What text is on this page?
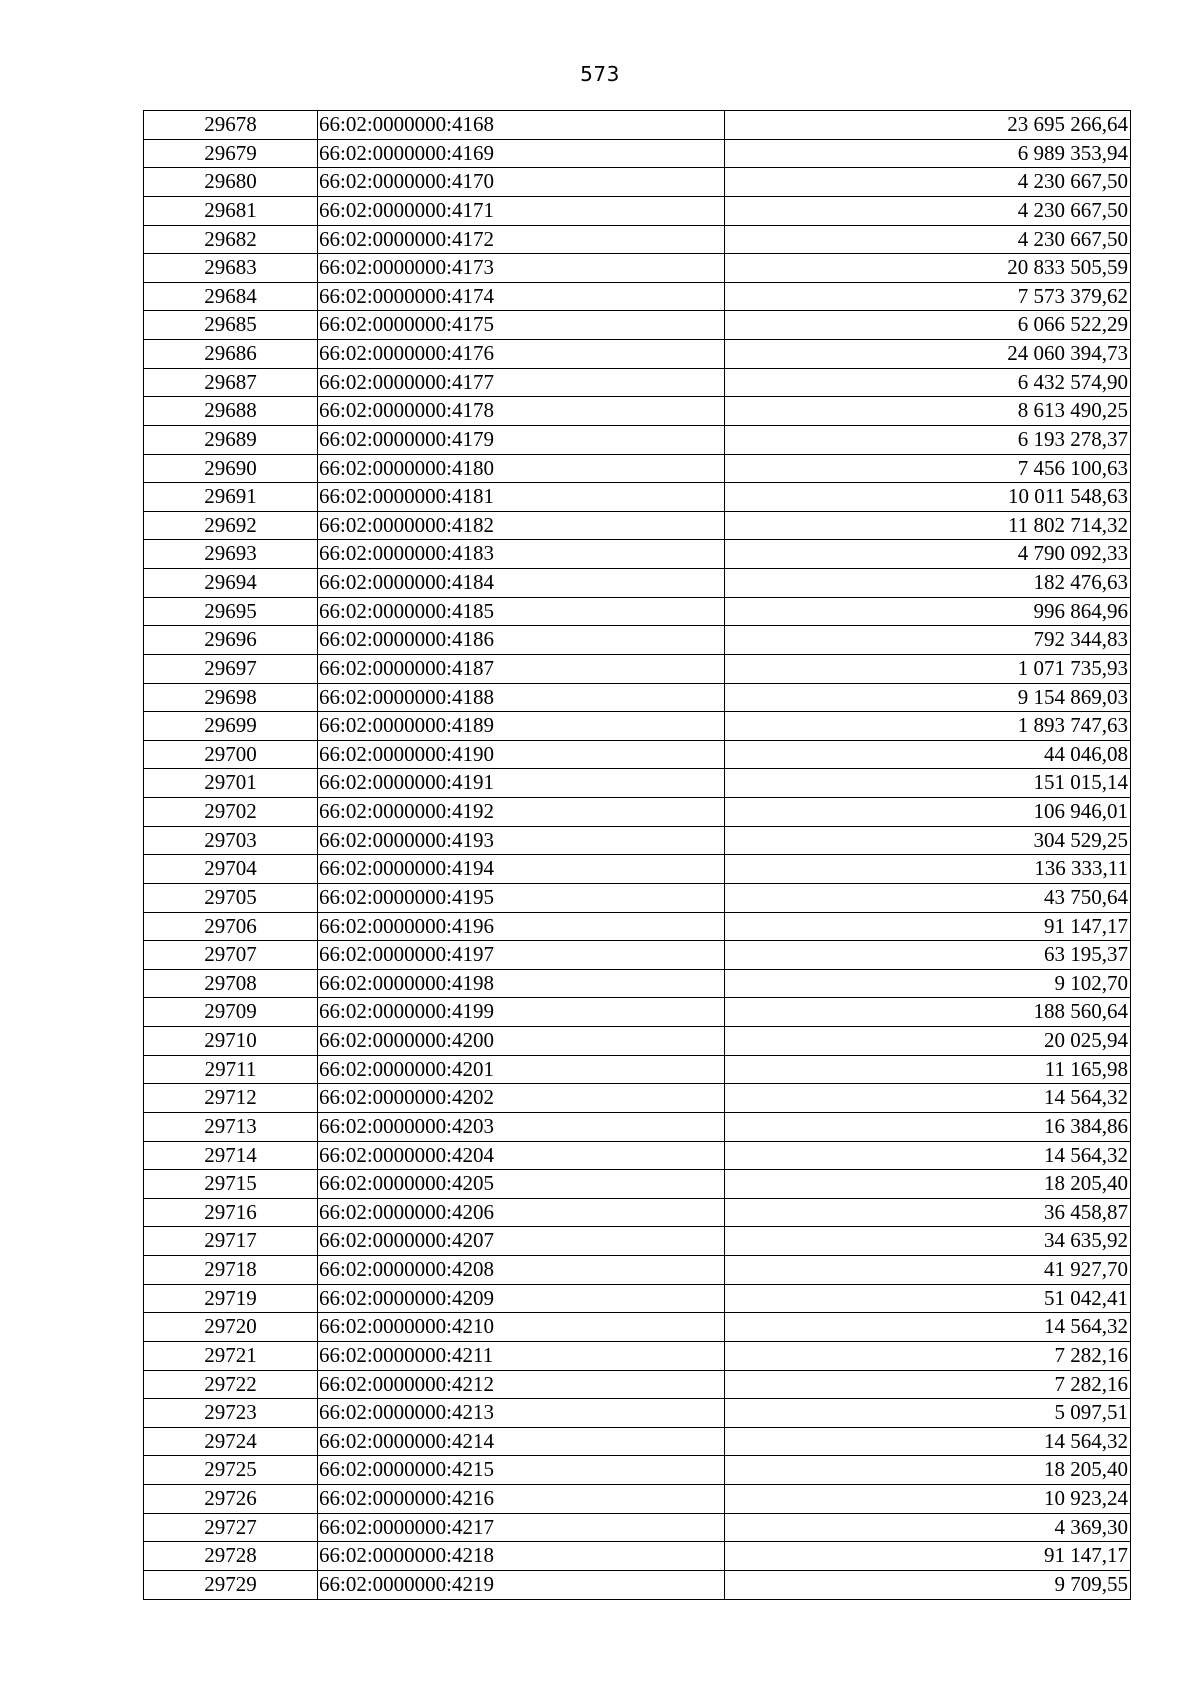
573
29678	66:02:0000000:4168	23 695 266,64
29679	66:02:0000000:4169	6 989 353,94
29680	66:02:0000000:4170	4 230 667,50
29681	66:02:0000000:4171	4 230 667,50
29682	66:02:0000000:4172	4 230 667,50
29683	66:02:0000000:4173	20 833 505,59
29684	66:02:0000000:4174	7 573 379,62
29685	66:02:0000000:4175	6 066 522,29
29686	66:02:0000000:4176	24 060 394,73
29687	66:02:0000000:4177	6 432 574,90
29688	66:02:0000000:4178	8 613 490,25
29689	66:02:0000000:4179	6 193 278,37
29690	66:02:0000000:4180	7 456 100,63
29691	66:02:0000000:4181	10 011 548,63
29692	66:02:0000000:4182	11 802 714,32
29693	66:02:0000000:4183	4 790 092,33
29694	66:02:0000000:4184	182 476,63
29695	66:02:0000000:4185	996 864,96
29696	66:02:0000000:4186	792 344,83
29697	66:02:0000000:4187	1 071 735,93
29698	66:02:0000000:4188	9 154 869,03
29699	66:02:0000000:4189	1 893 747,63
29700	66:02:0000000:4190	44 046,08
29701	66:02:0000000:4191	151 015,14
29702	66:02:0000000:4192	106 946,01
29703	66:02:0000000:4193	304 529,25
29704	66:02:0000000:4194	136 333,11
29705	66:02:0000000:4195	43 750,64
29706	66:02:0000000:4196	91 147,17
29707	66:02:0000000:4197	63 195,37
29708	66:02:0000000:4198	9 102,70
29709	66:02:0000000:4199	188 560,64
29710	66:02:0000000:4200	20 025,94
29711	66:02:0000000:4201	11 165,98
29712	66:02:0000000:4202	14 564,32
29713	66:02:0000000:4203	16 384,86
29714	66:02:0000000:4204	14 564,32
29715	66:02:0000000:4205	18 205,40
29716	66:02:0000000:4206	36 458,87
29717	66:02:0000000:4207	34 635,92
29718	66:02:0000000:4208	41 927,70
29719	66:02:0000000:4209	51 042,41
29720	66:02:0000000:4210	14 564,32
29721	66:02:0000000:4211	7 282,16
29722	66:02:0000000:4212	7 282,16
29723	66:02:0000000:4213	5 097,51
29724	66:02:0000000:4214	14 564,32
29725	66:02:0000000:4215	18 205,40
29726	66:02:0000000:4216	10 923,24
29727	66:02:0000000:4217	4 369,30
29728	66:02:0000000:4218	91 147,17
29729	66:02:0000000:4219	9 709,55
